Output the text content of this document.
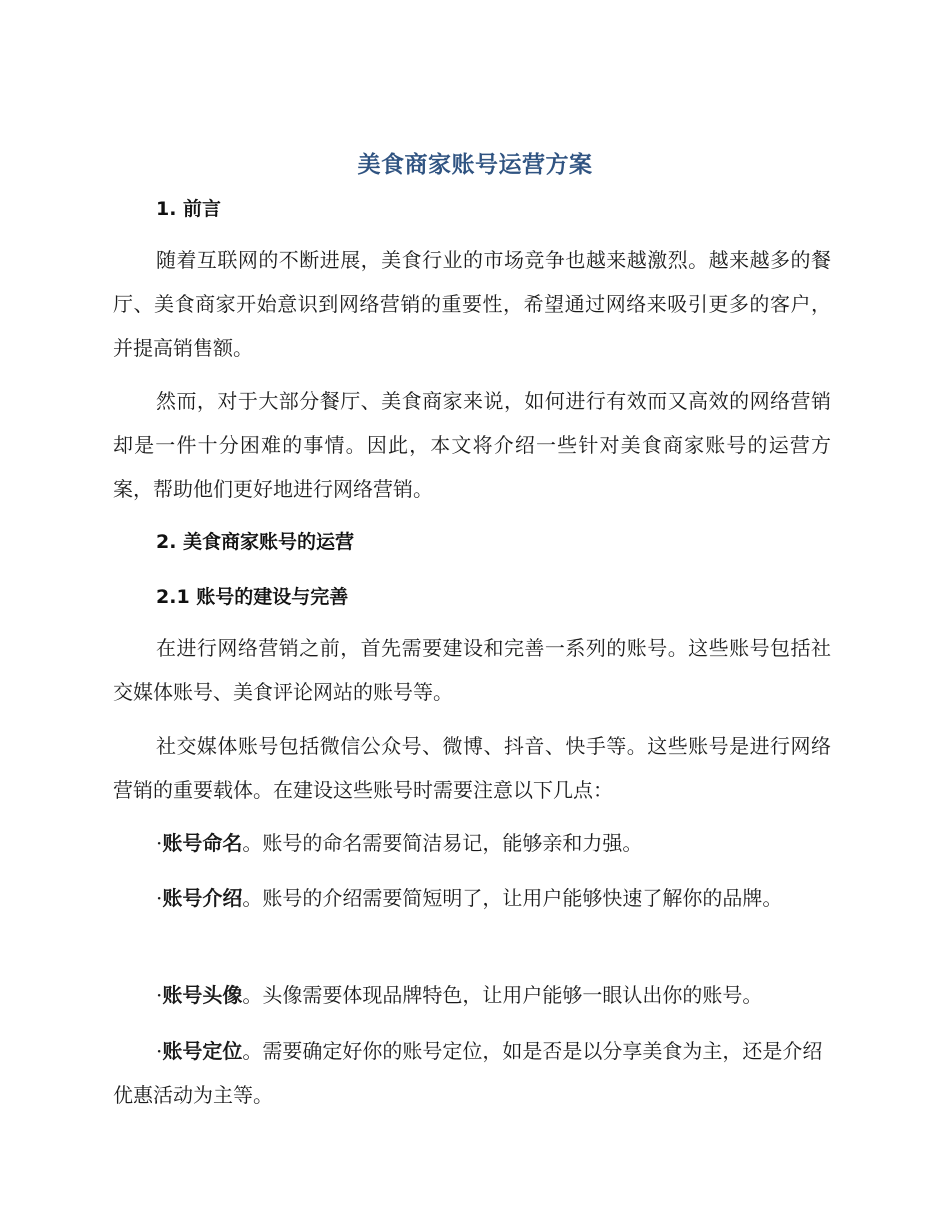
美食商家账号运营方案
1. 前言

随着互联网的不断进展，美食行业的市场竞争也越来越激烈。越来越多的餐厅、美食商家开始意识到网络营销的重要性，希望通过网络来吸引更多的客户，并提高销售额。

然而，对于大部分餐厅、美食商家来说，如何进行有效而又高效的网络营销却是一件十分困难的事情。因此，本文将介绍一些针对美食商家账号的运营方案，帮助他们更好地进行网络营销。

2. 美食商家账号的运营
2.1 账号的建设与完善

在进行网络营销之前，首先需要建设和完善一系列的账号。这些账号包括社交媒体账号、美食评论网站的账号等。

社交媒体账号包括微信公众号、微博、抖音、快手等。这些账号是进行网络营销的重要载体。在建设这些账号时需要注意以下几点：

·账号命名。账号的命名需要简洁易记，能够亲和力强。

·账号介绍。账号的介绍需要简短明了，让用户能够快速了解你的品牌。

·账号头像。头像需要体现品牌特色，让用户能够一眼认出你的账号。

·账号定位。需要确定好你的账号定位，如是否是以分享美食为主，还是介绍优惠活动为主等。
